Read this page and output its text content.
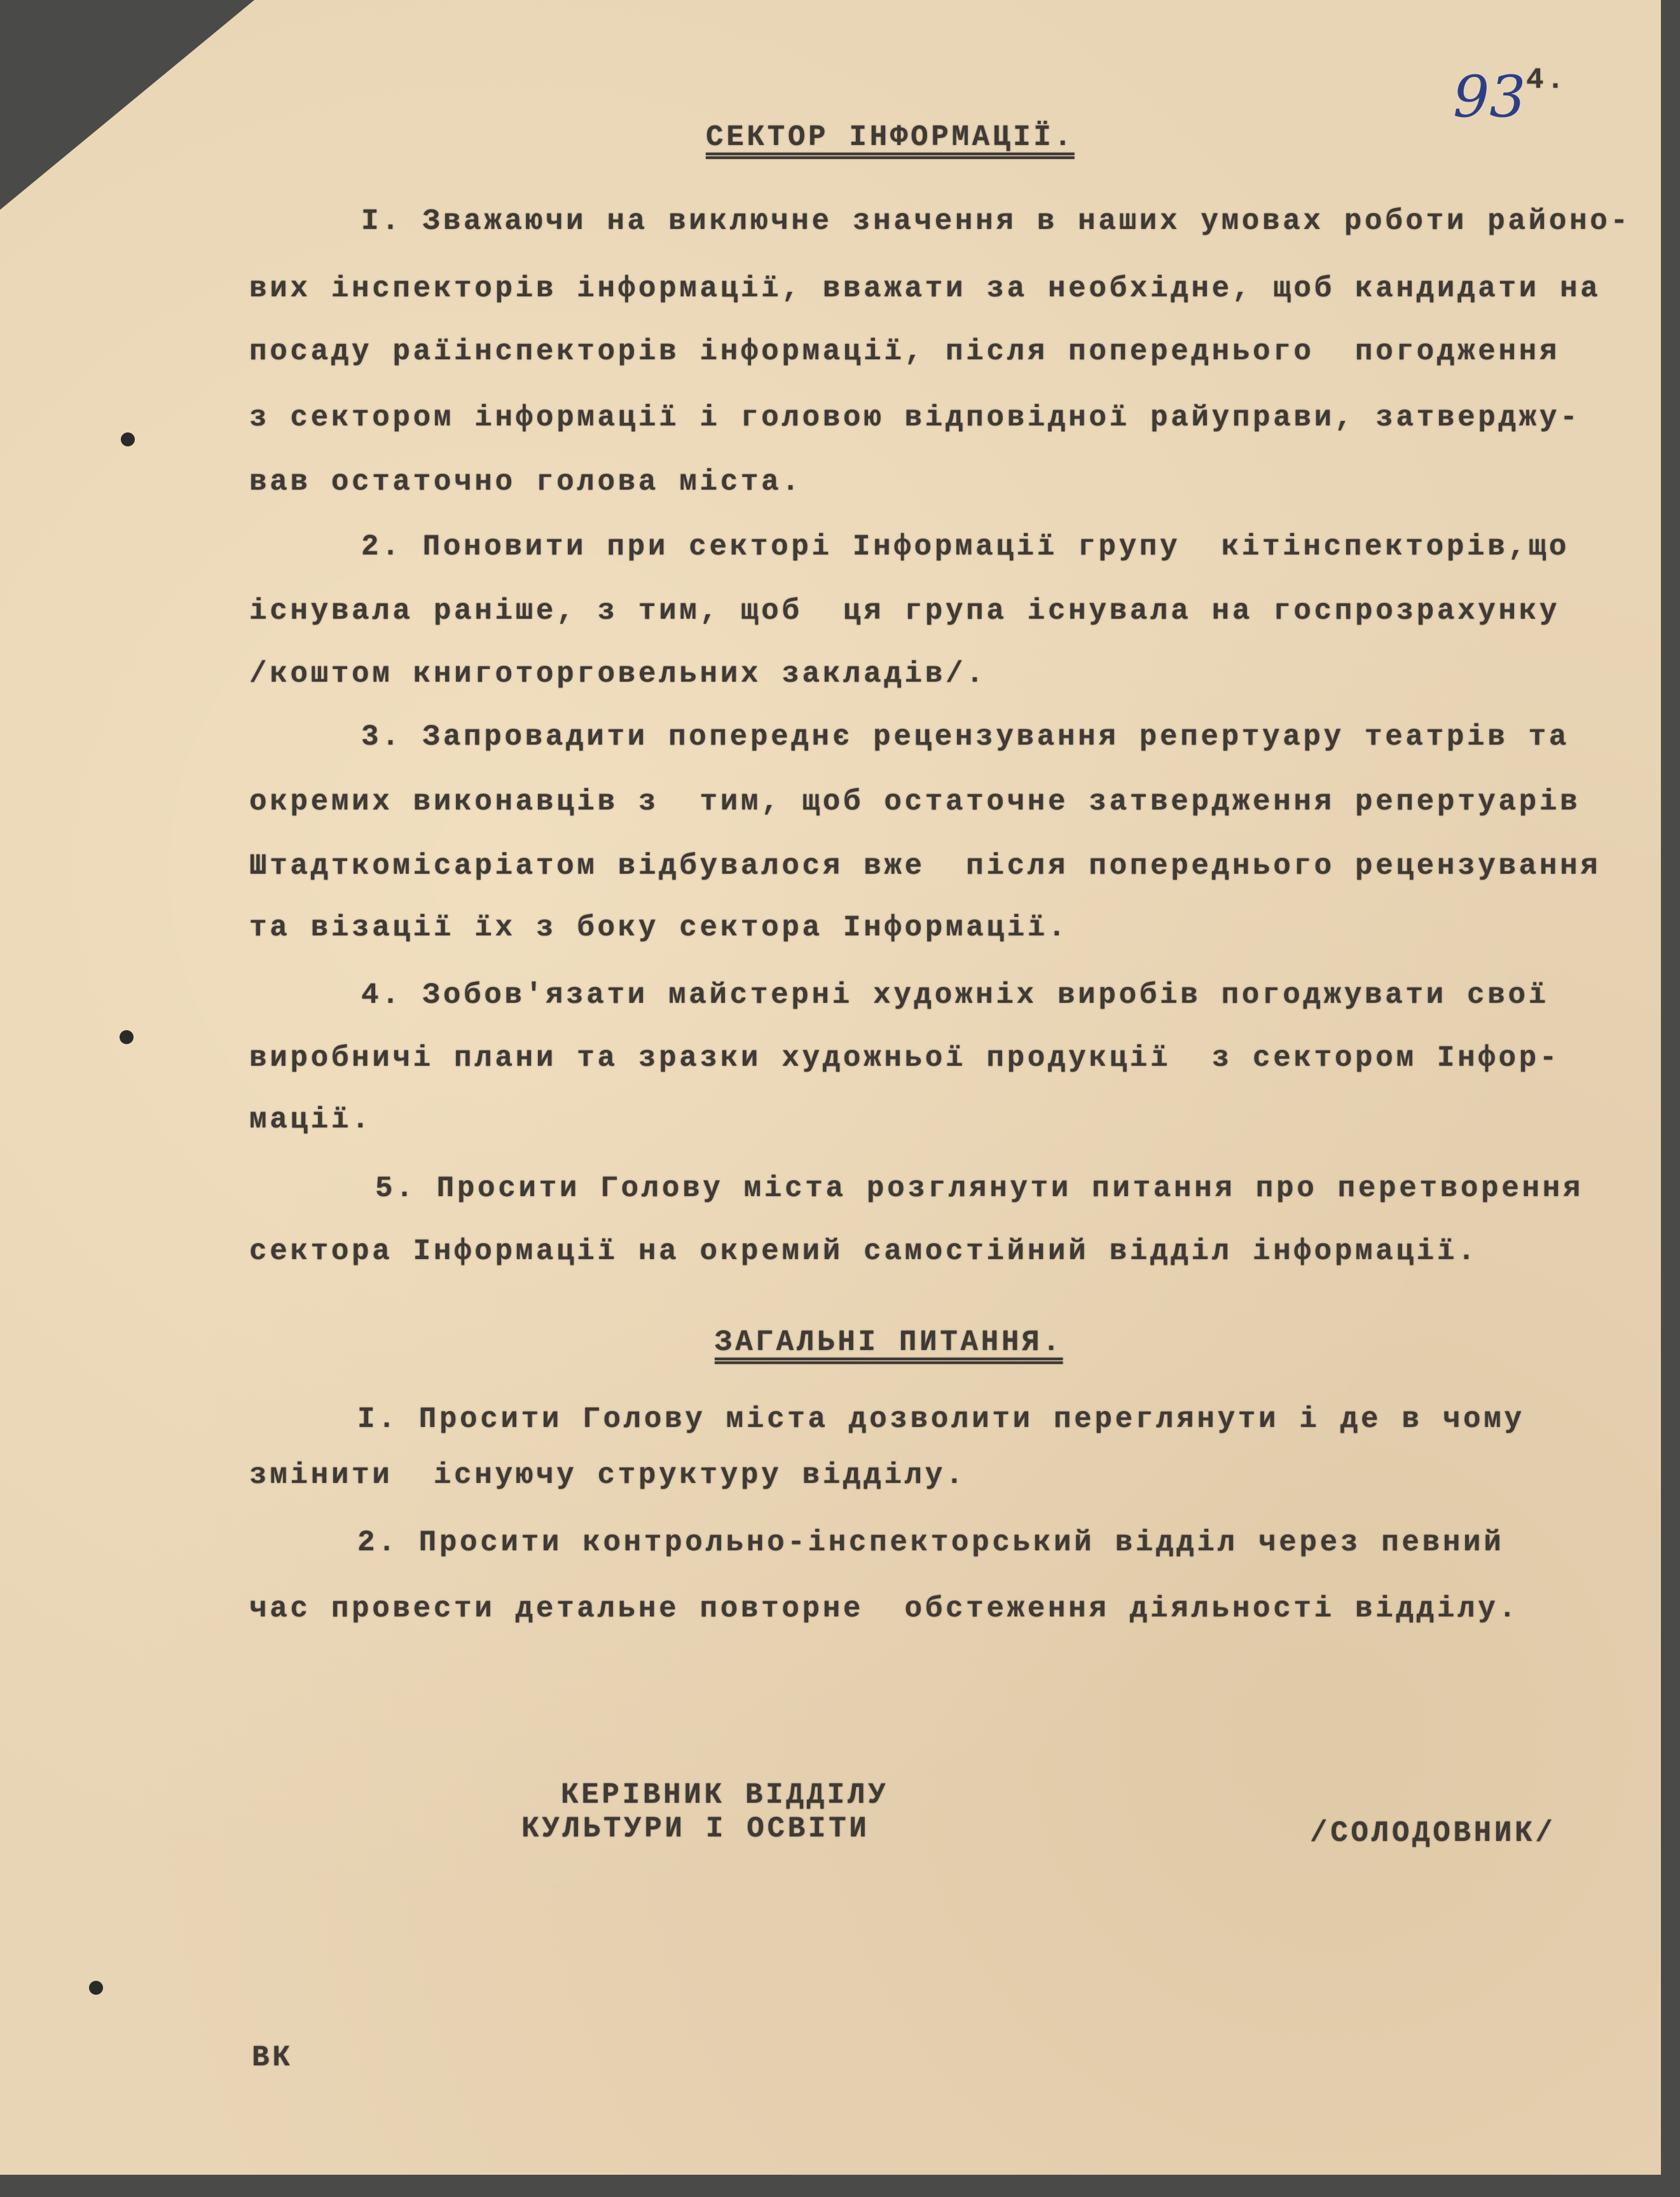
93 4.
СЕКТОР ІНФОРМАЦІЇ.
I. Зважаючи на виключне значення в наших умовах роботи районо-
вих інспекторів інформації, вважати за необхідне, щоб кандидати на
посаду раїінспекторів інформації, після попереднього  погодження
з сектором інформації і головою відповідної райуправи, затверджу-
вав остаточно голова міста.
2. Поновити при секторі Інформації групу  кітінспекторів,що
існувала раніше, з тим, щоб  ця група існувала на госпрозрахунку
/коштом книготорговельних закладів/.
3. Запровадити попереднє рецензування репертуару театрів та
окремих виконавців з  тим, щоб остаточне затвердження репертуарів
Штадткомісаріатом відбувалося вже  після попереднього рецензування
та візації їх з боку сектора Інформації.
4. Зобов'язати майстерні художніх виробів погоджувати свої
виробничі плани та зразки художньої продукції  з сектором Інфор-
мації.
5. Просити Голову міста розглянути питання про перетворення
сектора Інформації на окремий самостійний відділ інформації.
ЗАГАЛЬНІ ПИТАННЯ.
I. Просити Голову міста дозволити переглянути і де в чому
змінити  існуючу структуру відділу.
2. Просити контрольно-інспекторський відділ через певний
час провести детальне повторне  обстеження діяльності відділу.
КЕРІВНИК ВІДДІЛУ
КУЛЬТУРИ І ОСВІТИ	/СОЛОДОВНИК/
ВК
